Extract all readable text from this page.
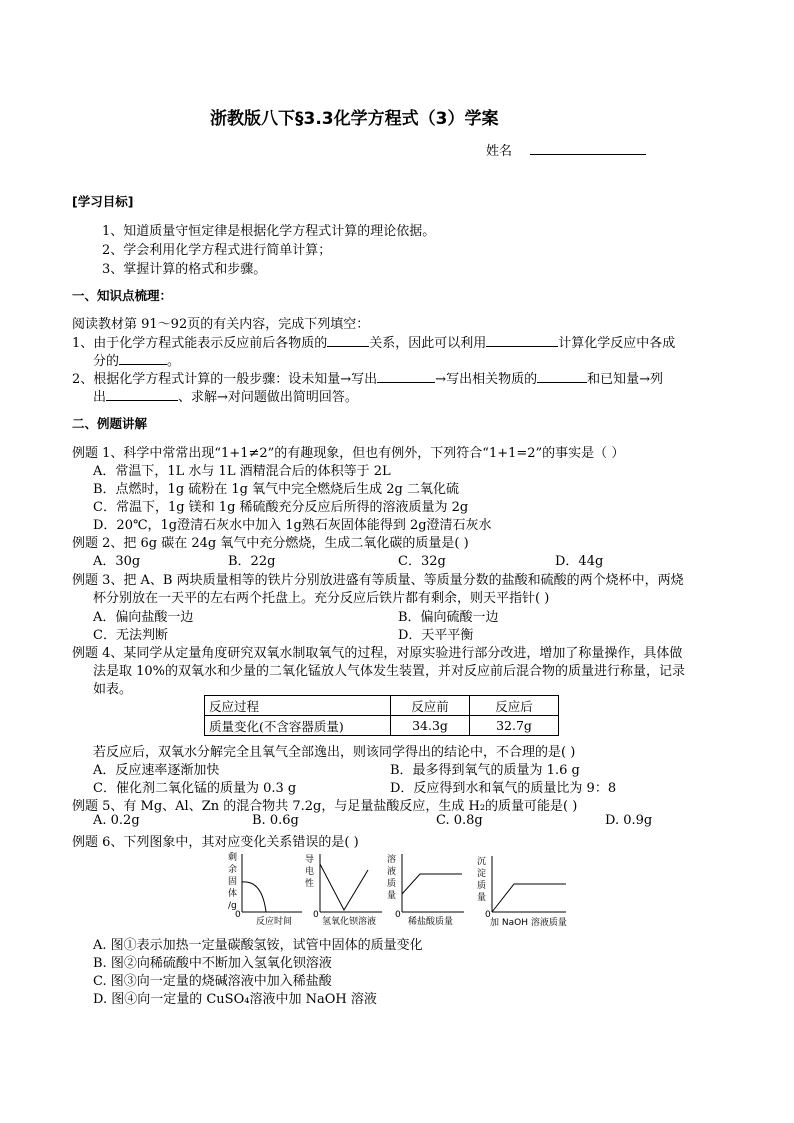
浙教版八下§3.3化学方程式（3）学案
姓名
[学习目标]
1、知道质量守恒定律是根据化学方程式计算的理论依据。
2、学会利用化学方程式进行简单计算；
3、掌握计算的格式和步骤。
一、知识点梳理：
阅读教材第 91～92页的有关内容，完成下列填空：
1、由于化学方程式能表示反应前后各物质的	关系，因此可以利用	计算化学反应中各成
分的	。
2、根据化学方程式计算的一般步骤：设未知量→写出	→写出相关物质的	和已知量→列
出	、求解→对问题做出简明回答。
二、例题讲解
例题 1、科学中常常出现“1+1≠2”的有趣现象，但也有例外，下列符合“1+1=2”的事实是（ ）
A．常温下，1L 水与 1L 酒精混合后的体积等于 2L
B．点燃时，1g 硫粉在 1g 氧气中完全燃烧后生成 2g 二氧化硫
C．常温下，1g 镁和 1g 稀硫酸充分反应后所得的溶液质量为 2g
D．20℃，1g澄清石灰水中加入 1g熟石灰固体能得到 2g澄清石灰水
例题 2、把 6g 碳在 24g 氧气中充分燃烧，生成二氧化碳的质量是( )
A．30g	B．22g	C．32g	D．44g
例题 3、把 A、B 两块质量相等的铁片分别放进盛有等质量、等质量分数的盐酸和硫酸的两个烧杯中，两烧
杯分别放在一天平的左右两个托盘上。充分反应后铁片都有剩余，则天平指针( )
A．偏向盐酸一边	B．偏向硫酸一边
C．无法判断	D．天平平衡
例题 4、某同学从定量角度研究双氧水制取氧气的过程，对原实验进行部分改进，增加了称量操作，具体做
法是取 10%的双氧水和少量的二氧化锰放人气体发生装置，并对反应前后混合物的质量进行称量，记录
如表。
反应过程	反应前	反应后
质量变化(不含容器质量)	34.3g	32.7g
若反应后，双氧水分解完全且氧气全部逸出，则该同学得出的结论中，不合理的是( )
A．反应速率逐渐加快	B．最多得到氧气的质量为 1.6 g
C．催化剂二氧化锰的质量为 0.3 g	D．反应得到水和氧气的质量比为 9：8
例题 5、有 Mg、Al、Zn 的混合物共 7.2g，与足量盐酸反应，生成 H₂的质量可能是( )
A. 0.2g	B. 0.6g	C. 0.8g	D. 0.9g
例题 6、下列图象中，其对应变化关系错误的是( )
剩
余
固
体
/g
0
反应时间
导
电
性
0
氢氧化钡溶液
溶
液
质
量
0
稀盐酸质量
沉
淀
质
量
0
加 NaOH 溶液质量
A. 图①表示加热一定量碳酸氢铵，试管中固体的质量变化
B. 图②向稀硫酸中不断加入氢氧化钡溶液
C. 图③向一定量的烧碱溶液中加入稀盐酸
D. 图④向一定量的 CuSO₄溶液中加 NaOH 溶液
